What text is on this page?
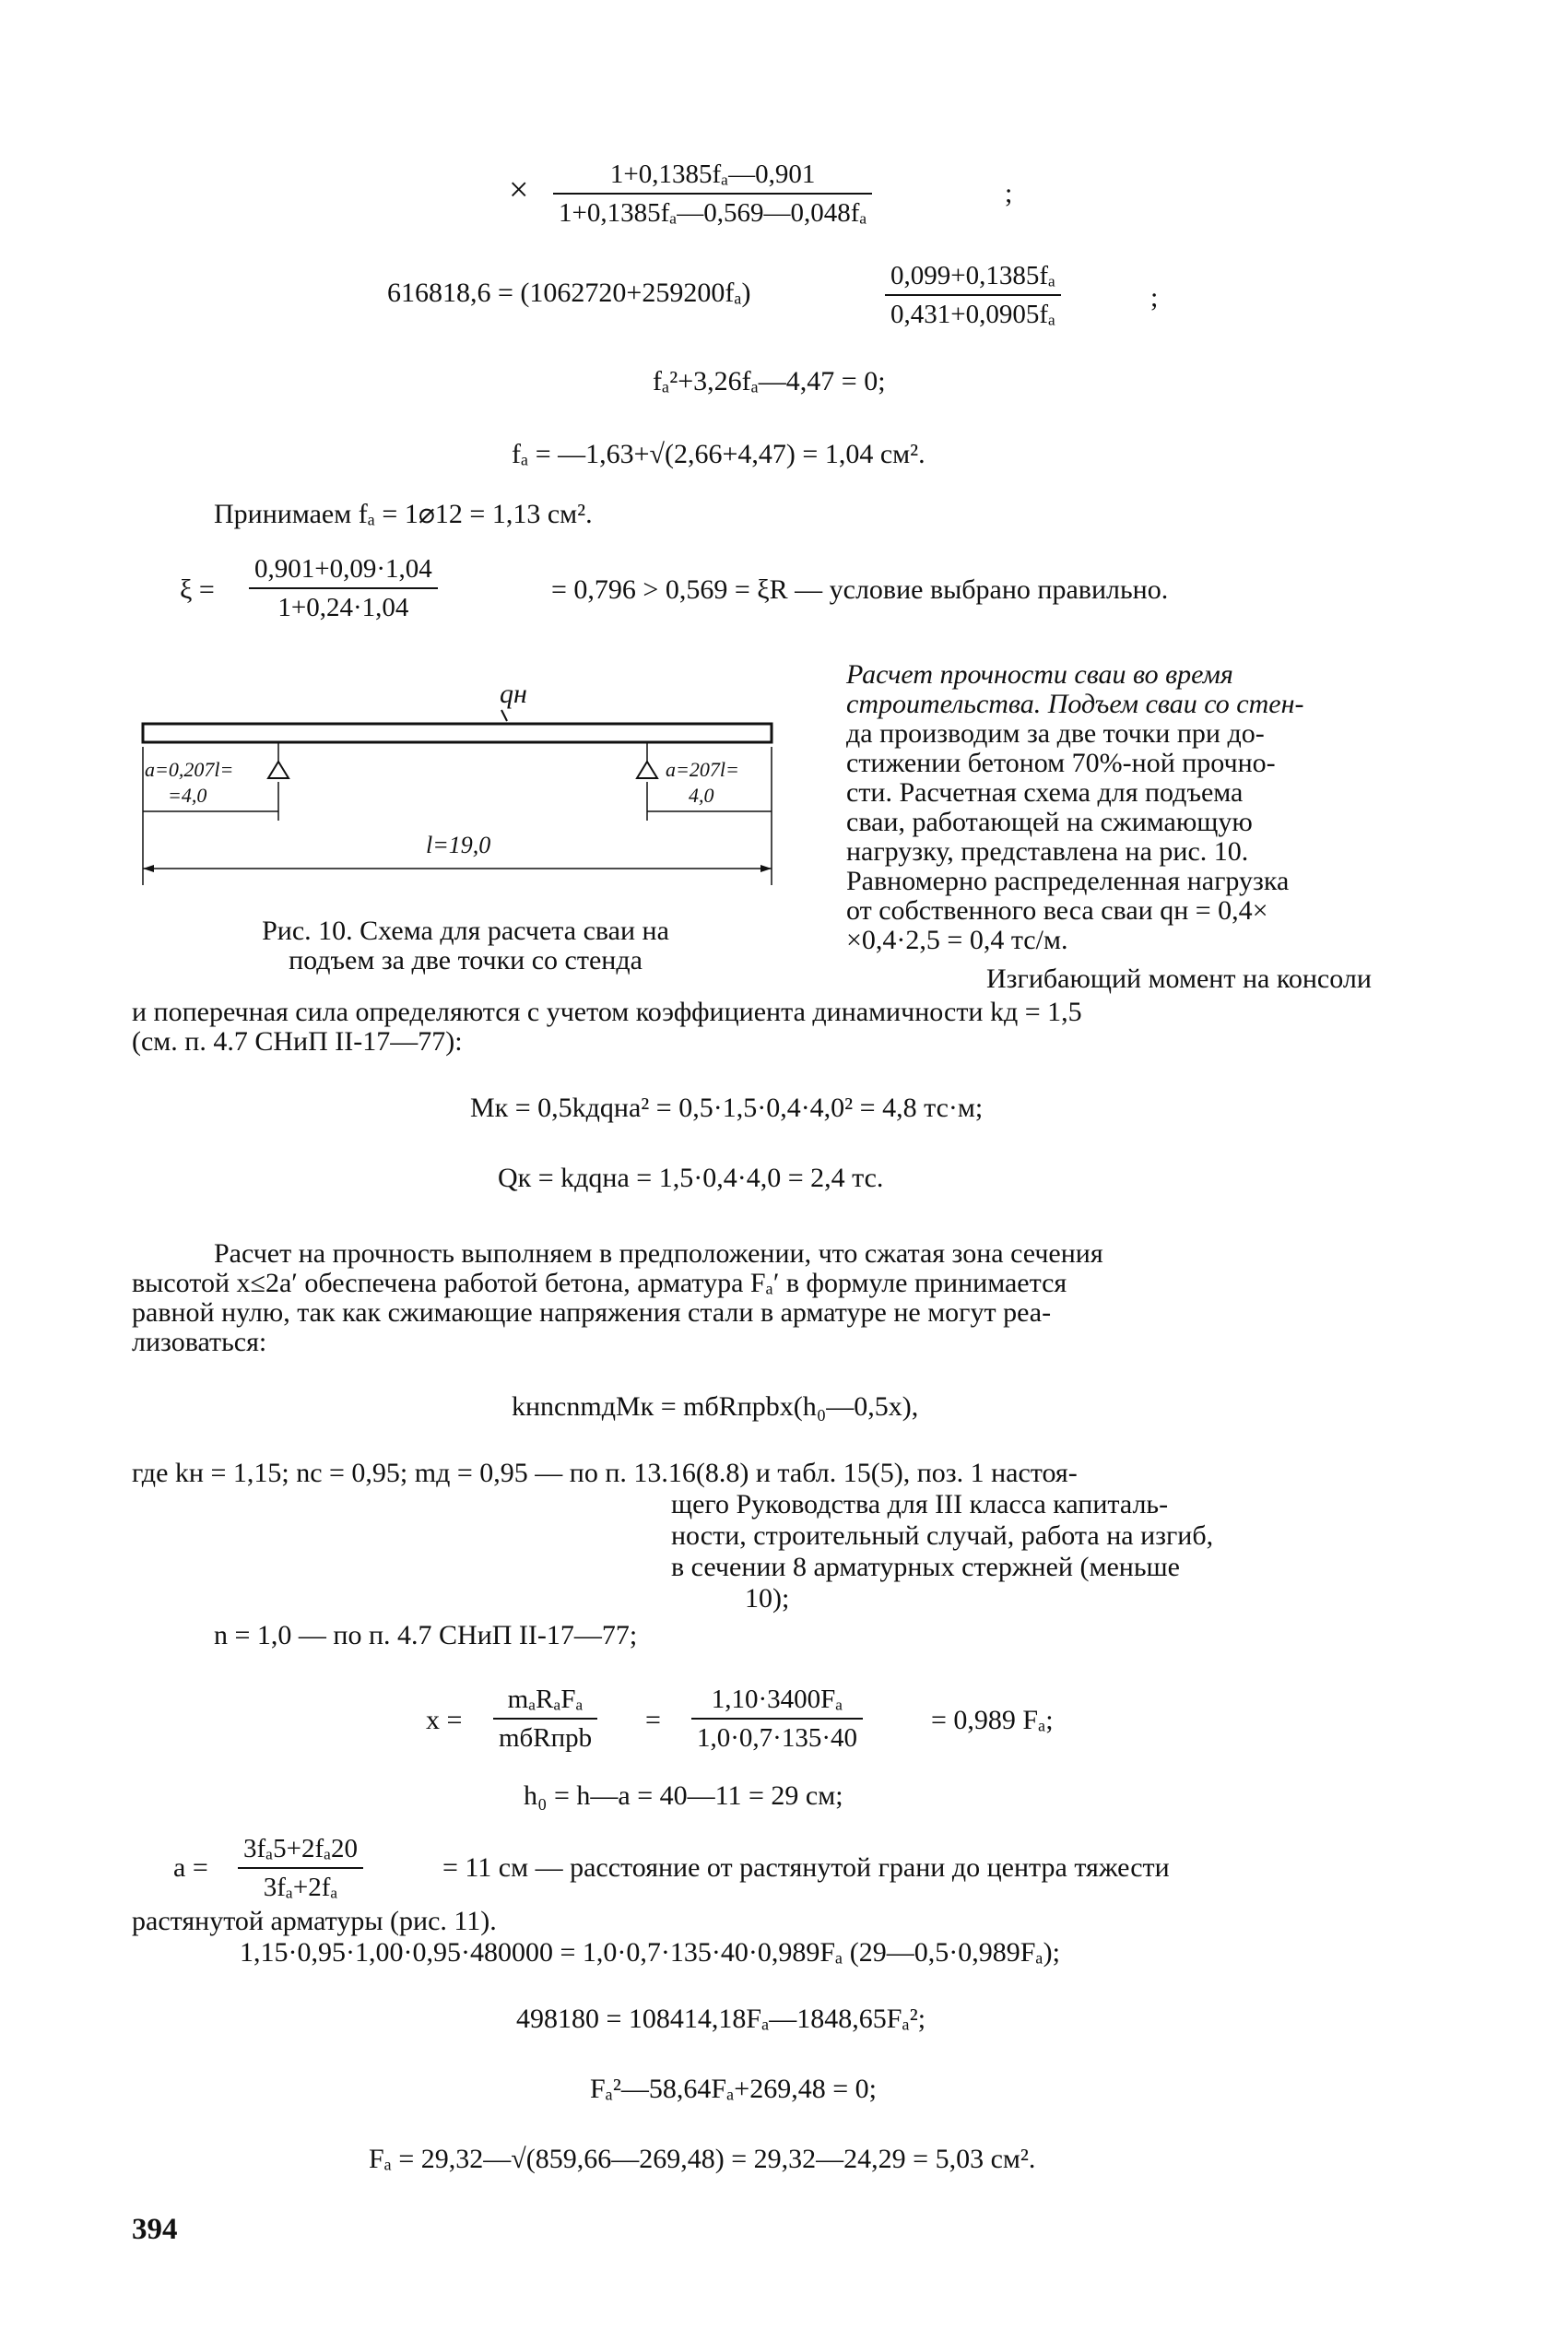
× $\frac{\text{1+0,1385fₐ—0,901}}{\text{1+0,1385fₐ—0,569—0,048fₐ}}$	;
616818,6 = (1062720+259200fₐ)	$\frac{\text{0,099+0,1385fₐ}}{\text{0,431+0,0905fₐ}}$	;
fₐ²+3,26fₐ—4,47 = 0;
fₐ = —1,63+√(2,66+4,47) = 1,04 см².
Принимаем fₐ = 1⌀12 = 1,13 см².
$\xi = \frac{0,901+0,09\cdot 1,04}{1+0,24\cdot 1,04}$	= 0,796 > 0,569 = ξR — условие выбрано правильно.
qн
a=0,207l=
=4,0
a=207l=
4,0
l=19,0
Рис. 10. Схема для расчета сваи на
подъем за две точки со стенда
Расчет прочности сваи во время
строительства. Подъем сваи со стен-
да производим за две точки при до-
стижении бетоном 70%-ной прочно-
сти. Расчетная схема для подъема
сваи, работающей на сжимающую
нагрузку, представлена на рис. 10.
Равномерно распределенная нагрузка
от собственного веса сваи qн = 0,4×
×0,4·2,5 = 0,4 тс/м.
Изгибающий момент на консоли
и поперечная сила определяются с учетом коэффициента динамичности kд = 1,5
(см. п. 4.7 СНиП II-17—77):
Mк = 0,5kдqнa² = 0,5·1,5·0,4·4,0² = 4,8 тс·м;
Qк = kдqнa = 1,5·0,4·4,0 = 2,4 тс.
Расчет на прочность выполняем в предположении, что сжатая зона сечения
высотой x≤2a′ обеспечена работой бетона, арматура Fₐ′ в формуле принимается
равной нулю, так как сжимающие напряжения стали в арматуре не могут реа-
лизоваться:
kнnсnmдMк = mбRпрbx(h₀—0,5x),
где kн = 1,15; nс = 0,95; mд = 0,95 — по п. 13.16(8.8) и табл. 15(5), поз. 1 настоя-
щего Руководства для III класса капиталь-
ности, строительный случай, работа на изгиб,
в сечении 8 арматурных стержней (меньше
10);
n = 1,0 — по п. 4.7 СНиП II-17—77;
x =
mₐRₐFₐ
mбRпрb
= $\frac{\text{1,10·3400Fₐ}}{1,0\cdot 0,7\cdot 135\cdot 40} = 0,989$ Fₐ;
h₀ = h—a = 40—11 = 29 см;
$a = \frac{\text{3fₐ5+2fₐ20}}{\text{3fₐ+2fₐ}}$	= 11 см — расстояние от растянутой грани до центра тяжести
растянутой арматуры (рис. 11).
1,15·0,95·1,00·0,95·480000 = 1,0·0,7·135·40·0,989Fₐ (29—0,5·0,989Fₐ);
498180 = 108414,18Fₐ—1848,65Fₐ²;
Fₐ²—58,64Fₐ+269,48 = 0;
Fₐ = 29,32—√(859,66—269,48) = 29,32—24,29 = 5,03 см².
394
